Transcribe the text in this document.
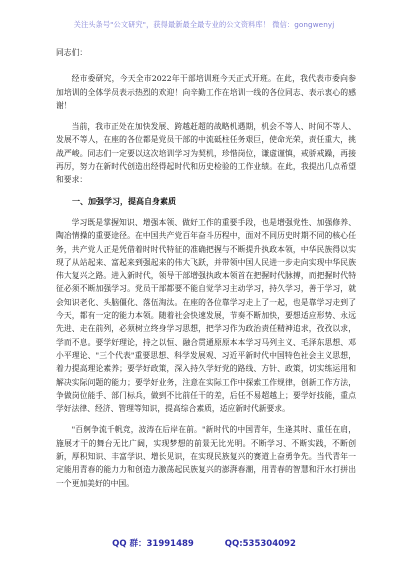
关注头条号"公文研究"，获得最新最全最专业的公文资料库！ 微信：gongwenyj

同志们：

经市委研究，今天全市2022年干部培训班今天正式开班。在此，我代表市委向参加培训的全体学员表示热烈的欢迎！向辛勤工作在培训一线的各位同志、表示衷心的感谢！

当前，我市正处在加快发展、跨越赶超的战略机遇期，机会不等人、时间不等人、发展不等人，在座的各位都是党员干部的中流砥柱任务艰巨，使命光荣，责任重大，挑战严峻。同志们一定要以这次培训学习为契机，珍惜岗位，谦虚谨慎，戒骄戒躁，再接再厉，努力在新时代创造出经得起时代和历史检验的工作业绩。在此，我提出几点希望和要求：

一、加强学习，提高自身素质

学习既是掌握知识、增强本领、做好工作的重要手段，也是增强党性、加强修养、陶冶情操的重要途径。在中国共产党百年奋斗历程中，面对不同历史时期不同的核心任务，共产党人正是凭借着时时代特征的准确把握与不断提升执政本领，中华民族得以实现了从站起来、富起来到强起来的伟大飞跃，并带领中国人民进一步走向实现中华民族伟大复兴之路。进入新时代，领导干部增强执政本领首在把握时代脉搏，而把握时代特征必须不断加强学习。党员干部都要不能自觉学习主动学习，持久学习，善于学习，就会知识老化、头脑僵化、落伍淘汰。在座的各位靠学习走上了一起，也是靠学习走到了今天，都有一定的能力本领。随着社会快速发展，节奏不断加快，要想适应形势、永远先进、走在前列，必须树立终身学习思想，把学习作为政治责任精神追求，孜孜以求，学而不息。要学好理论，持之以恒、融合贯通原原本本学习马列主义、毛泽东思想、邓小平理论、"三个代表"重要思想、科学发展观、习近平新时代中国特色社会主义思想，着力提高理论素养；要学好政策，深入持久学好党的路线、方针、政策，切实练运用和解决实际问题的能力；要学好业务，注意在实际工作中探索工作规律，创新工作方法，争做岗位能手、部门标兵，做到不比前任干的差，后任不易超越上；要学好技能，重点学好法律、经济、管理等知识，提高综合素质，适应新时代新要求。

"百舸争流千帆竞，波涛在后岸在前。"新时代的中国青年，生逢其时、重任在肩，施展才干的舞台无比广阔，实现梦想的前景无比光明。不断学习、不断实践，不断创新，厚积知识、丰富学识、增长见识，在实现民族复兴的赛道上奋勇争先。当代青年一定能用青春的能力力和创造力激荡起民族复兴的澎湃春潮，用青春的智慧和汗水打拼出一个更加美好的中国。

QQ 群：31991489	QQ:535304092
